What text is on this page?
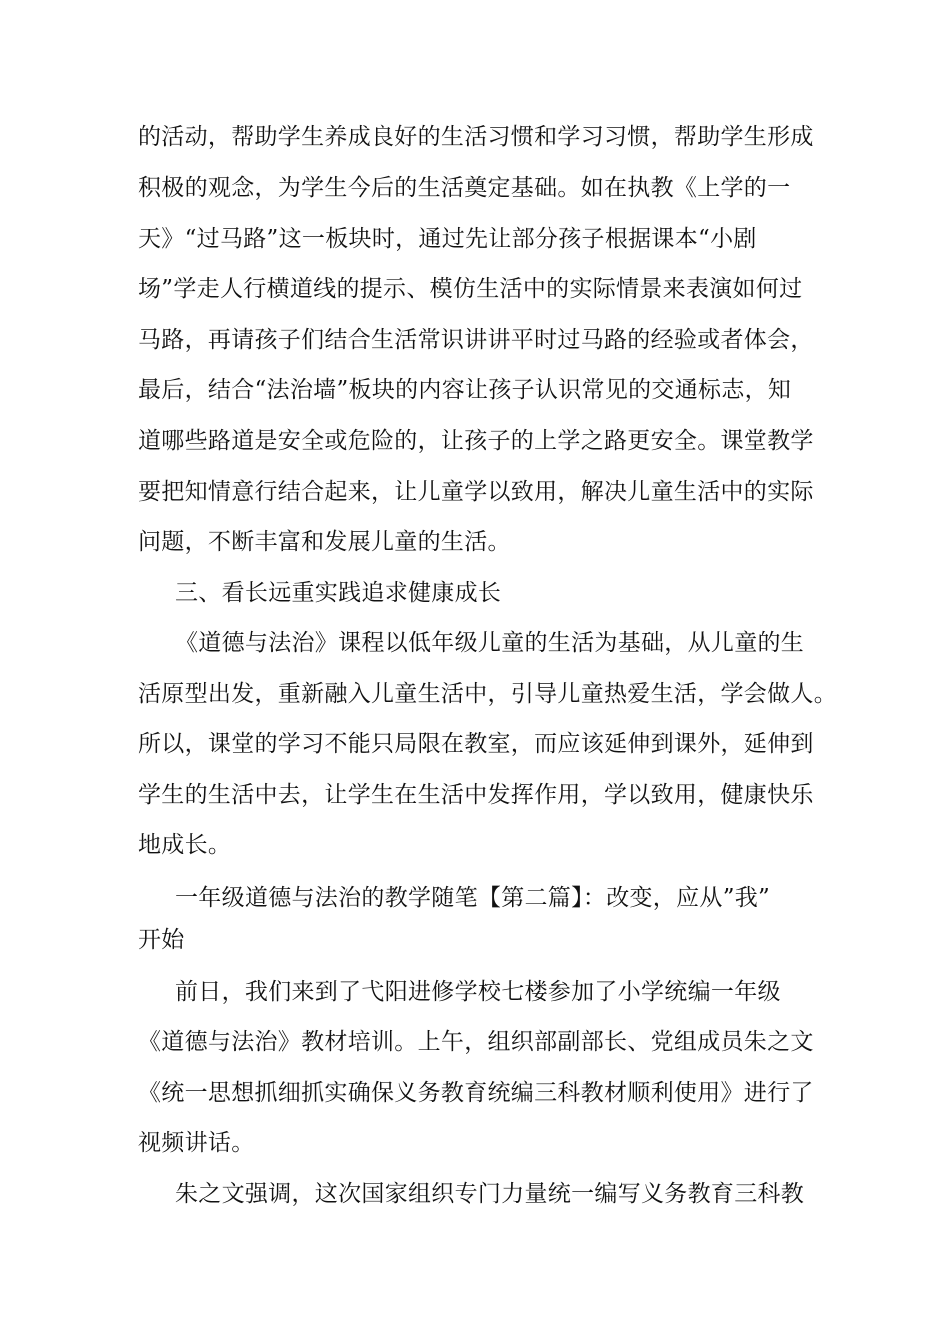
的活动，帮助学生养成良好的生活习惯和学习习惯，帮助学生形成
积极的观念，为学生今后的生活奠定基础。如在执教《上学的一
天》“过马路”这一板块时，通过先让部分孩子根据课本“小剧
场”学走人行横道线的提示、模仿生活中的实际情景来表演如何过
马路，再请孩子们结合生活常识讲讲平时过马路的经验或者体会，
最后，结合“法治墙”板块的内容让孩子认识常见的交通标志，知
道哪些路道是安全或危险的，让孩子的上学之路更安全。课堂教学
要把知情意行结合起来，让儿童学以致用，解决儿童生活中的实际
问题，不断丰富和发展儿童的生活。
三、看长远重实践追求健康成长
《道德与法治》课程以低年级儿童的生活为基础，从儿童的生
活原型出发，重新融入儿童生活中，引导儿童热爱生活，学会做人。
所以，课堂的学习不能只局限在教室，而应该延伸到课外，延伸到
学生的生活中去，让学生在生活中发挥作用，学以致用，健康快乐
地成长。
一年级道德与法治的教学随笔【第二篇】：改变，应从”我”
开始
前日，我们来到了弋阳进修学校七楼参加了小学统编一年级
《道德与法治》教材培训。上午，组织部副部长、党组成员朱之文
《统一思想抓细抓实确保义务教育统编三科教材顺利使用》进行了
视频讲话。
朱之文强调，这次国家组织专门力量统一编写义务教育三科教
